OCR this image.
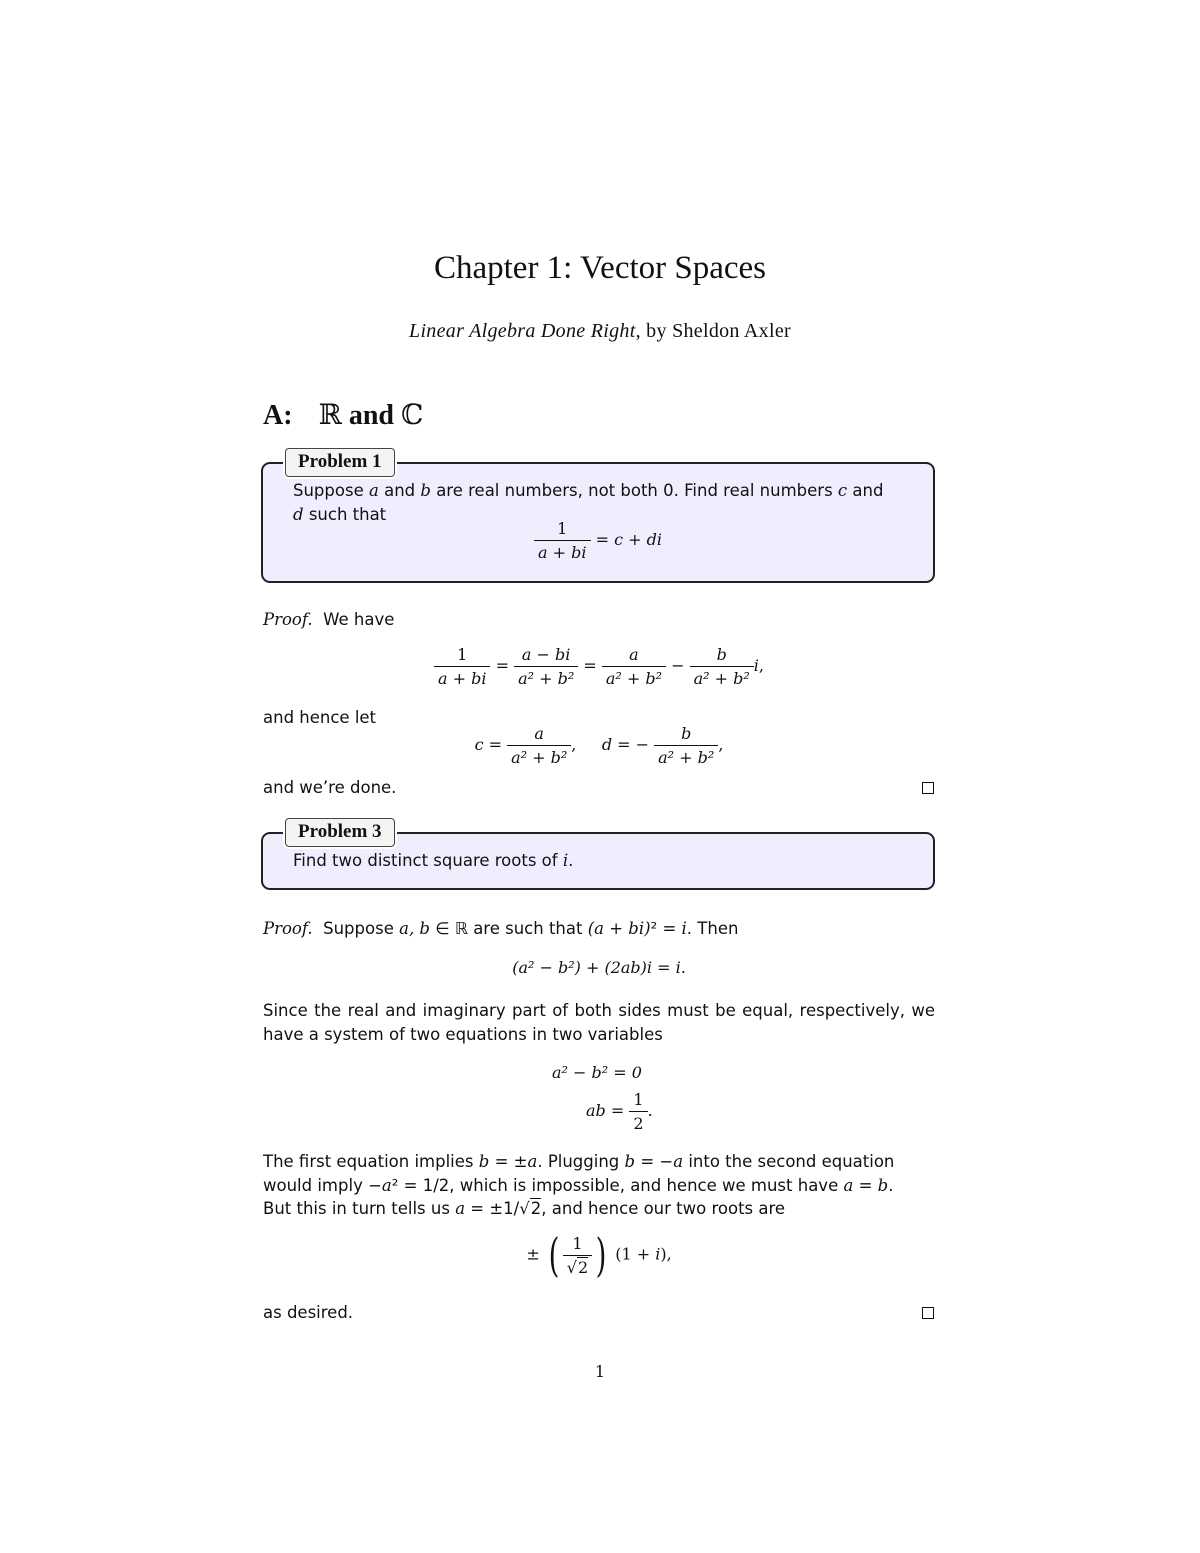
Chapter 1: Vector Spaces
Linear Algebra Done Right, by Sheldon Axler
A: ℝ and ℂ
Problem 1
Suppose a and b are real numbers, not both 0. Find real numbers c and
d such that
$\frac{1}{a + bi} = c$ + di
Proof. We have
$\frac{1}{a + bi} = \frac{a - bi}{\text{a² + b²}} = \frac{a}{\text{a² + b²}} - \frac{b}{\text{a² + b²}} i$,
and hence let
$c = \frac{a}{\text{a² + b²}}$ ,     d = − $\frac{b}{\text{a² + b²}}$ ,
and we’re done.
Problem 3
Find two distinct square roots of i.
Proof. Suppose a, b ∈ ℝ are such that (a + bi)² = i. Then
(a² − b²) + (2ab)i = i.
Since the real and imaginary part of both sides must be equal, respectively, we have a system of two equations in two variables
a² − b² = 0
ab = $\frac{1}{2}$ .
The first equation implies b = ±a. Plugging b = −a into the second equation
would imply −a² = 1/2, which is impossible, and hence we must have a = b.
But this in turn tells us a = ±1/√2, and hence our two roots are
± ( $\frac{1}{√2}$ ) (1 + i),
as desired.
1
